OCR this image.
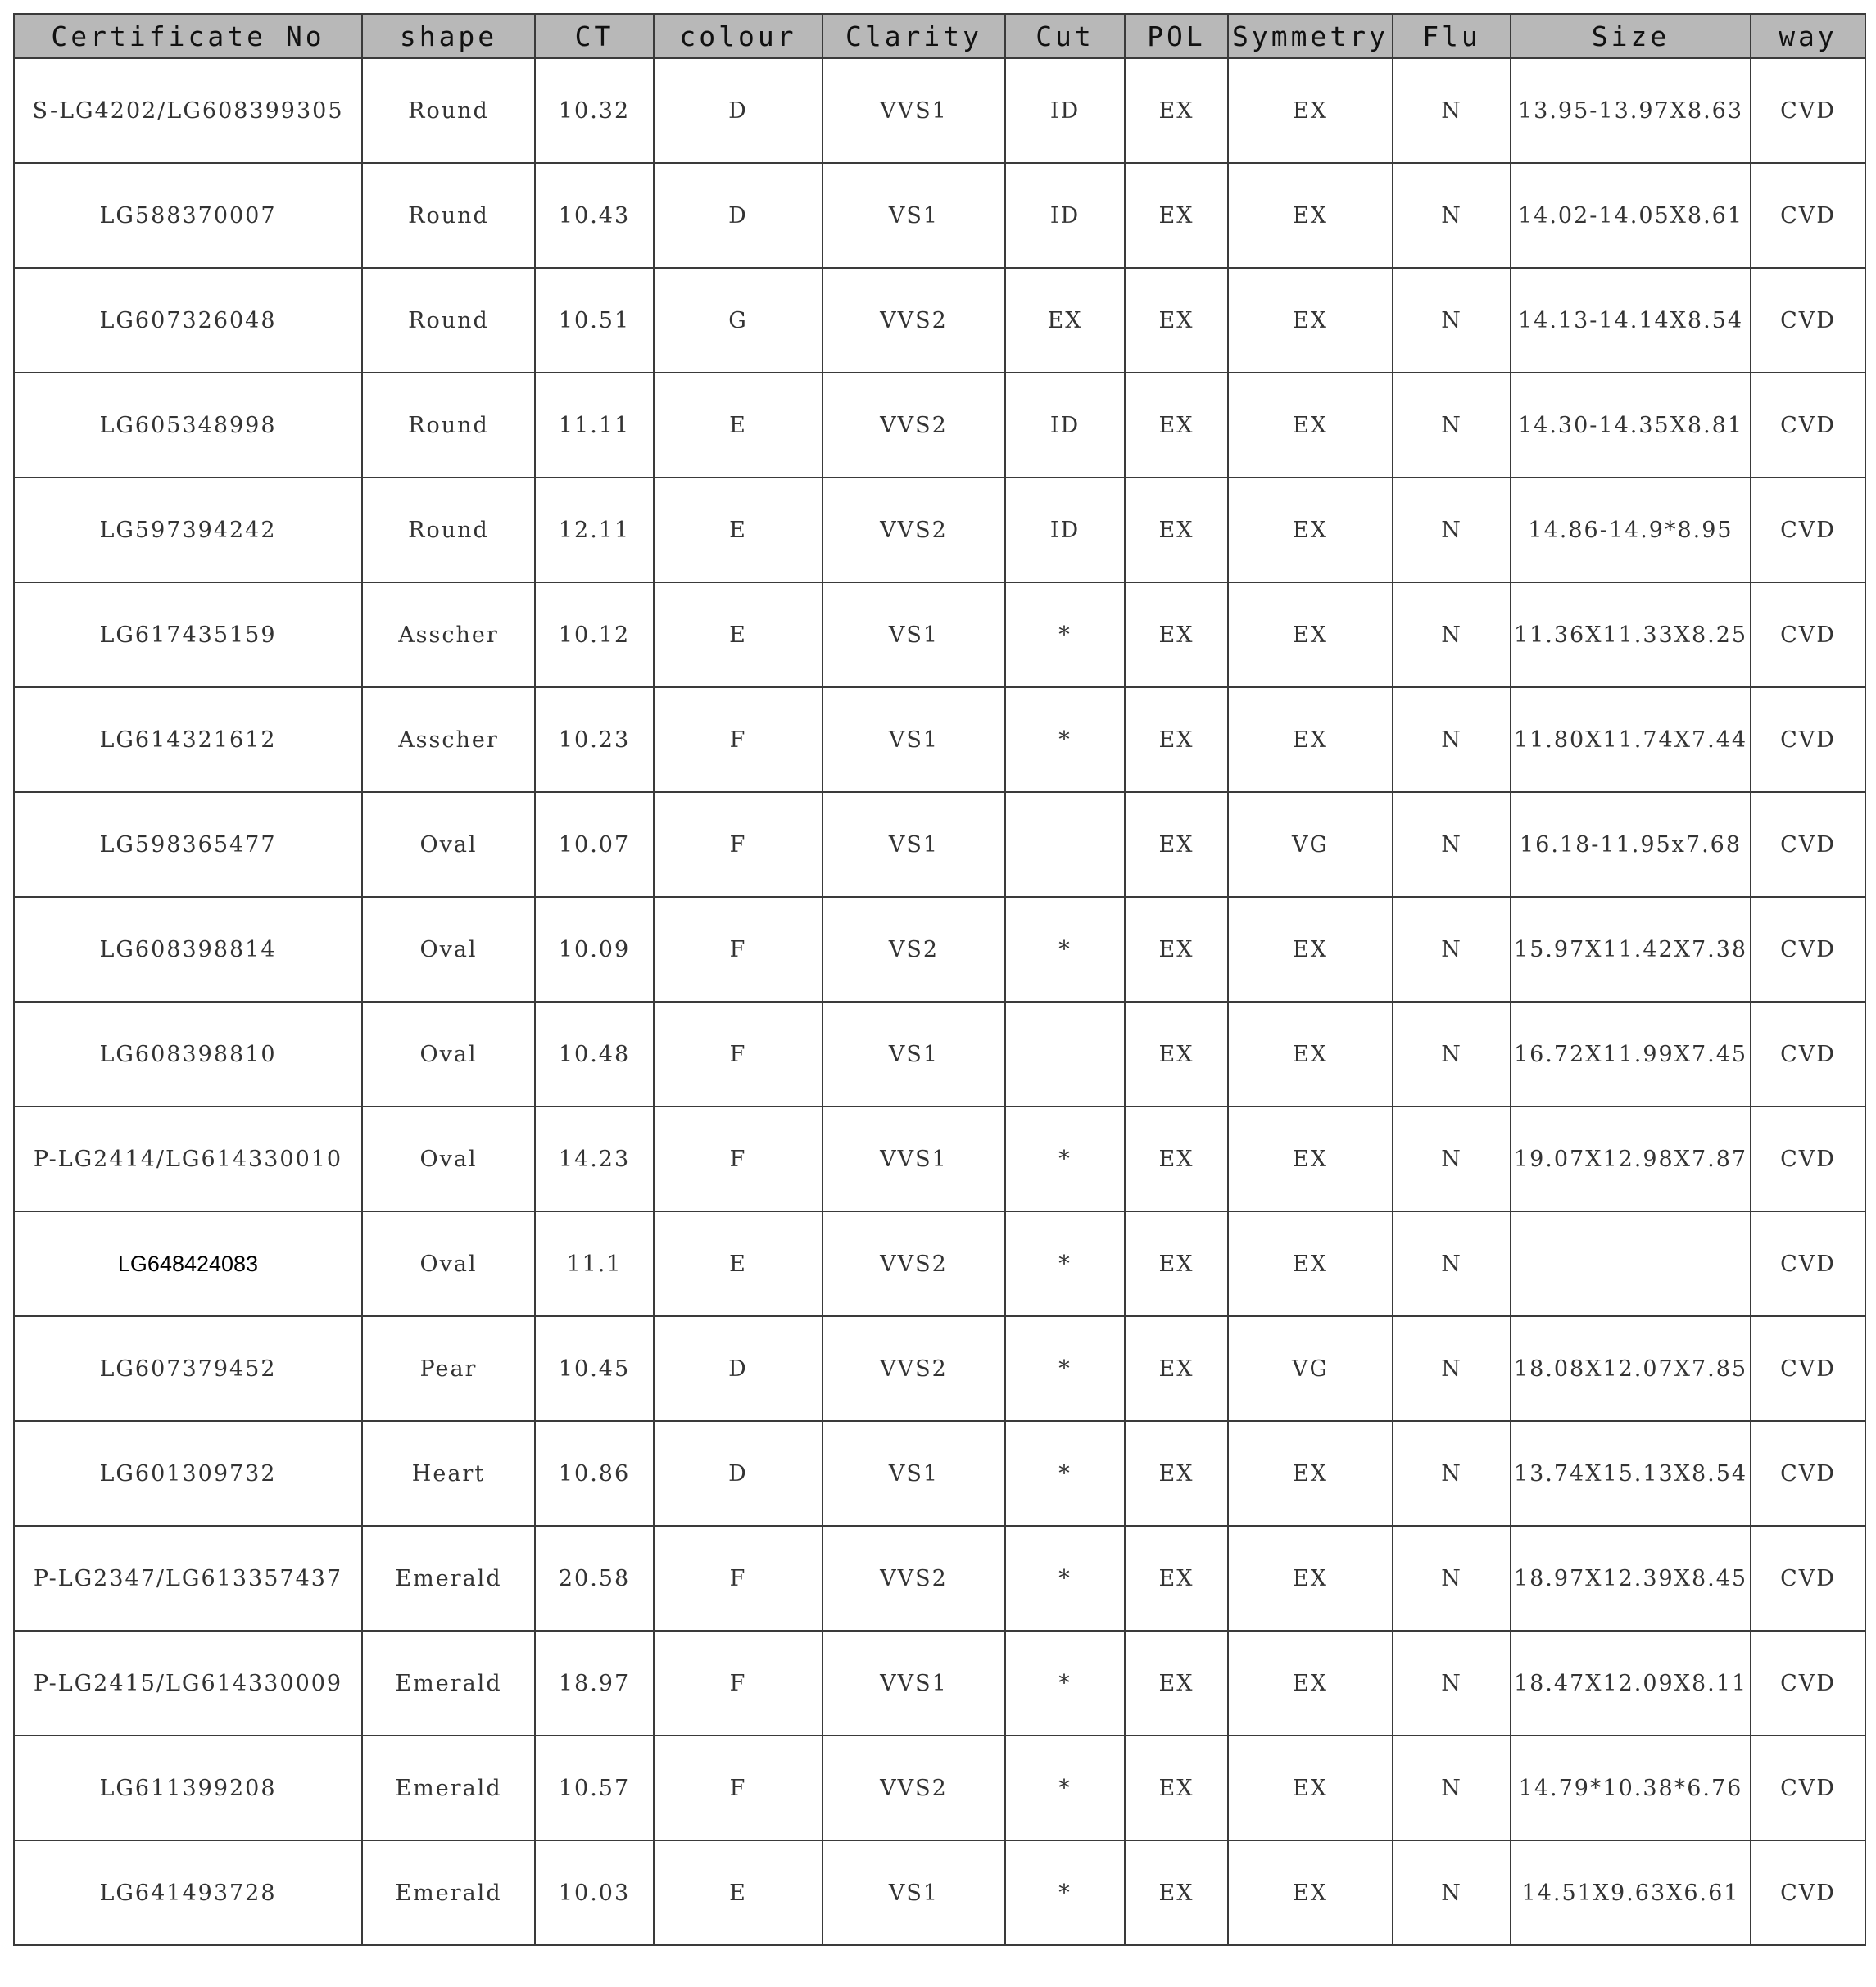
Certificate No	shape	CT	colour	Clarity	Cut	POL	Symmetry	Flu	Size	way
S-LG4202/LG608399305	Round	10.32	D	VVS1	ID	EX	EX	N	13.95-13.97X8.63	CVD
LG588370007	Round	10.43	D	VS1	ID	EX	EX	N	14.02-14.05X8.61	CVD
LG607326048	Round	10.51	G	VVS2	EX	EX	EX	N	14.13-14.14X8.54	CVD
LG605348998	Round	11.11	E	VVS2	ID	EX	EX	N	14.30-14.35X8.81	CVD
LG597394242	Round	12.11	E	VVS2	ID	EX	EX	N	14.86-14.9*8.95	CVD
LG617435159	Asscher	10.12	E	VS1	*	EX	EX	N	11.36X11.33X8.25	CVD
LG614321612	Asscher	10.23	F	VS1	*	EX	EX	N	11.80X11.74X7.44	CVD
LG598365477	Oval	10.07	F	VS1		EX	VG	N	16.18-11.95x7.68	CVD
LG608398814	Oval	10.09	F	VS2	*	EX	EX	N	15.97X11.42X7.38	CVD
LG608398810	Oval	10.48	F	VS1		EX	EX	N	16.72X11.99X7.45	CVD
P-LG2414/LG614330010	Oval	14.23	F	VVS1	*	EX	EX	N	19.07X12.98X7.87	CVD
LG648424083	Oval	11.1	E	VVS2	*	EX	EX	N		CVD
LG607379452	Pear	10.45	D	VVS2	*	EX	VG	N	18.08X12.07X7.85	CVD
LG601309732	Heart	10.86	D	VS1	*	EX	EX	N	13.74X15.13X8.54	CVD
P-LG2347/LG613357437	Emerald	20.58	F	VVS2	*	EX	EX	N	18.97X12.39X8.45	CVD
P-LG2415/LG614330009	Emerald	18.97	F	VVS1	*	EX	EX	N	18.47X12.09X8.11	CVD
LG611399208	Emerald	10.57	F	VVS2	*	EX	EX	N	14.79*10.38*6.76	CVD
LG641493728	Emerald	10.03	E	VS1	*	EX	EX	N	14.51X9.63X6.61	CVD
